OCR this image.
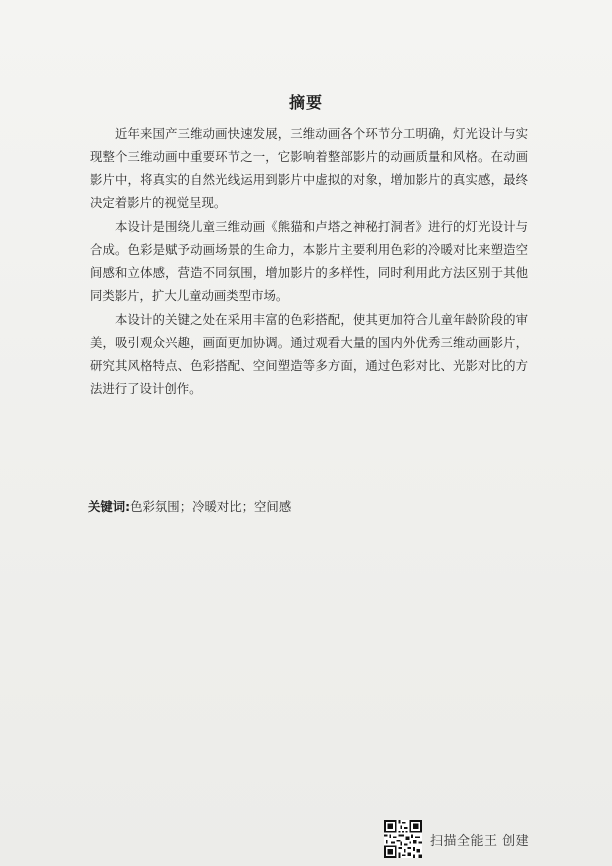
摘要

近年来国产三维动画快速发展，三维动画各个环节分工明确，灯光设计与实现整个三维动画中重要环节之一，它影响着整部影片的动画质量和风格。在动画影片中，将真实的自然光线运用到影片中虚拟的对象，增加影片的真实感，最终决定着影片的视觉呈现。

本设计是围绕儿童三维动画《熊猫和卢塔之神秘打洞者》进行的灯光设计与合成。色彩是赋予动画场景的生命力，本影片主要利用色彩的冷暖对比来塑造空间感和立体感，营造不同氛围，增加影片的多样性，同时利用此方法区别于其他同类影片，扩大儿童动画类型市场。

本设计的关键之处在采用丰富的色彩搭配，使其更加符合儿童年龄阶段的审美，吸引观众兴趣，画面更加协调。通过观看大量的国内外优秀三维动画影片，研究其风格特点、色彩搭配、空间塑造等多方面，通过色彩对比、光影对比的方法进行了设计创作。

关键词:色彩氛围；冷暖对比；空间感
扫描全能王 创建
